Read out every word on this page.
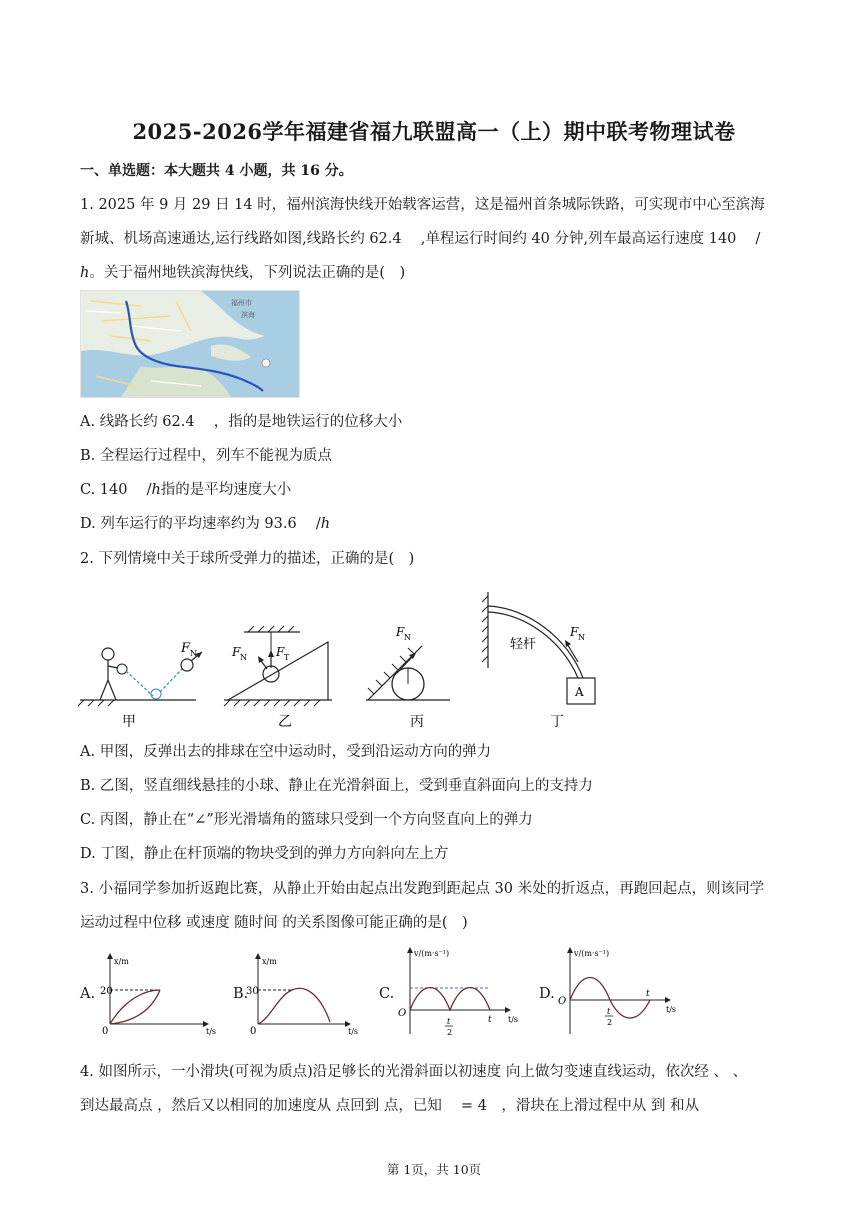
2025-2026学年福建省福九联盟高一（上）期中联考物理试卷
一、单选题：本大题共 4 小题，共 16 分。
1. 2025 年 9 月 29 日 14 时，福州滨海快线开始载客运营，这是福州首条城际铁路，可实现市中心至滨海
新城、机场高速通达,运行线路如图,线路长约 62.4　 ,单程运行时间约 40 分钟,列车最高运行速度 140　 /
ℎ。关于福州地铁滨海快线，下列说法正确的是(　)
福州市
滨海
A. 线路长约 62.4　 ，指的是地铁运行的位移大小
B. 全程运行过程中，列车不能视为质点
C. 140　 /ℎ指的是平均速度大小
D. 列车运行的平均速率约为 93.6　 /ℎ
2. 下列情境中关于球所受弹力的描述，正确的是(　)
F N
甲
F N F T
乙
F N
丙
A
F N
轻杆
丁
A. 甲图，反弹出去的排球在空中运动时，受到沿运动方向的弹力
B. 乙图，竖直细线悬挂的小球、静止在光滑斜面上，受到垂直斜面向上的支持力
C. 丙图，静止在“∠”形光滑墙角的篮球只受到一个方向竖直向上的弹力
D. 丁图，静止在杆顶端的物块受到的弹力方向斜向左上方
3. 小福同学参加折返跑比赛，从静止开始由起点出发跑到距起点 30 米处的折返点，再跑回起点，则该同学
运动过程中位移 或速度 随时间 的关系图像可能正确的是(　)
A.	B.	C.	D.
x/m
20
0	t/s
x/m
30
0	t/s
v/(m·s⁻¹)
O
t
2
t t/s
v/(m·s⁻¹)
O
t
2
t
t/s
4. 如图所示，一小滑块(可视为质点)沿足够长的光滑斜面以初速度 向上做匀变速直线运动，依次经 、 、
到达最高点 ，然后又以相同的加速度从 点回到 点，已知　 = 4　，滑块在上滑过程中从 到 和从
第 1页，共 10页
